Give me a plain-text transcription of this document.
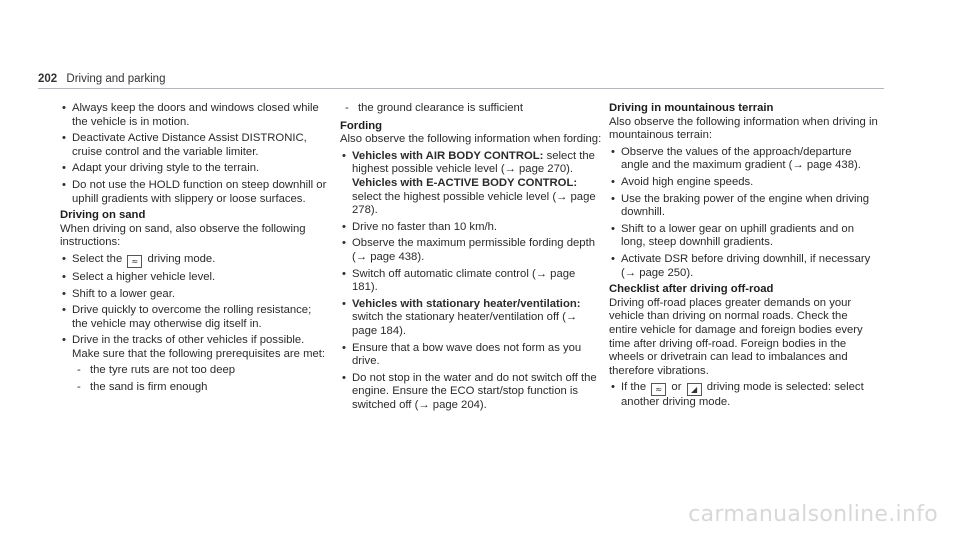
202 Driving and parking
• Always keep the doors and windows closed while the vehicle is in motion.
• Deactivate Active Distance Assist DISTRONIC, cruise control and the variable limiter.
• Adapt your driving style to the terrain.
• Do not use the HOLD function on steep downhill or uphill gradients with slippery or loose surfaces.

Driving on sand

When driving on sand, also observe the following instructions:

• Select the ≈ driving mode.
• Select a higher vehicle level.
• Shift to a lower gear.
• Drive quickly to overcome the rolling resistance; the vehicle may otherwise dig itself in.
• Drive in the tracks of other vehicles if possible. Make sure that the following prerequisites are met:
- the tyre ruts are not too deep
- the sand is firm enough
- the ground clearance is sufficient

Fording

Also observe the following information when fording:

• Vehicles with AIR BODY CONTROL: select the highest possible vehicle level (→ page 270).
Vehicles with E-ACTIVE BODY CONTROL:
select the highest possible vehicle level (→ page 278).
• Drive no faster than 10 km/h.
• Observe the maximum permissible fording depth (→ page 438).
• Switch off automatic climate control (→ page 181).
• Vehicles with stationary heater/ventilation:
switch the stationary heater/ventilation off (→ page 184).
• Ensure that a bow wave does not form as you drive.
• Do not stop in the water and do not switch off the engine. Ensure the ECO start/stop function is switched off (→ page 204).

Driving in mountainous terrain

Also observe the following information when driving in mountainous terrain:

• Observe the values of the approach/departure angle and the maximum gradient (→ page 438).
• Avoid high engine speeds.
• Use the braking power of the engine when driving downhill.
• Shift to a lower gear on uphill gradients and on long, steep downhill gradients.
• Activate DSR before driving downhill, if necessary (→ page 250).

Checklist after driving off-road

Driving off-road places greater demands on your vehicle than driving on normal roads. Check the entire vehicle for damage and foreign bodies every time after driving off-road. Foreign bodies in the wheels or drivetrain can lead to imbalances and therefore vibrations.

• If the ≈ or ◢ driving mode is selected: select another driving mode.
carmanualsonline.info
